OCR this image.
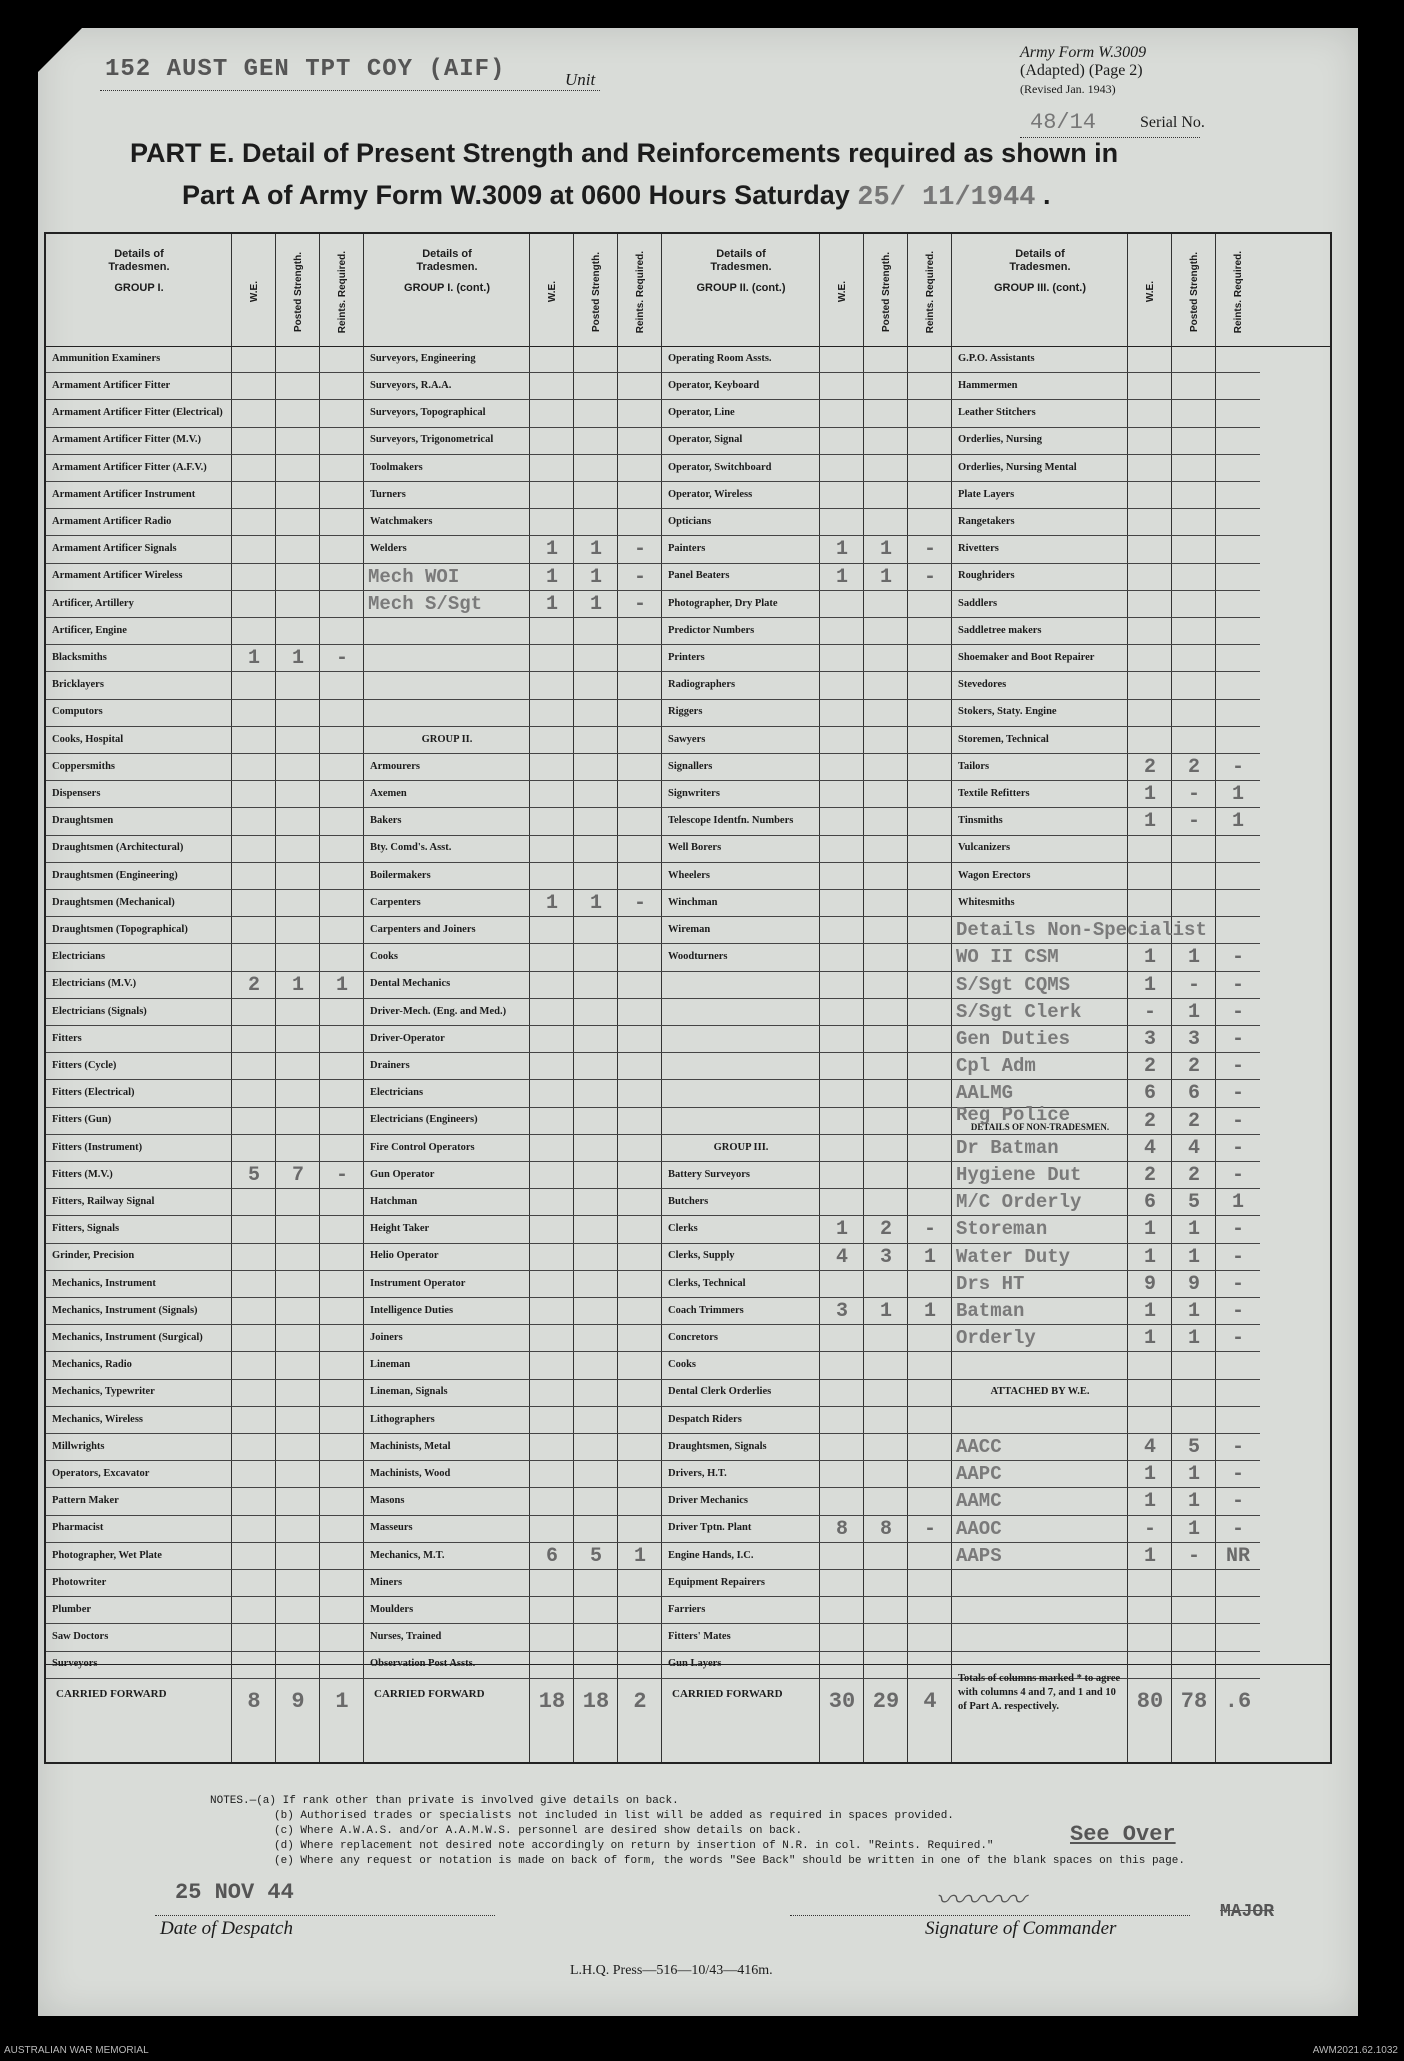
152 AUST GEN TPT COY (AIF)	Unit
Army Form W.3009
(Adapted) (Page 2)
(Revised Jan. 1943)
48/14	Serial No.
PART E. Detail of Present Strength and Reinforcements required as shown in
Part A of Army Form W.3009 at 0600 Hours Saturday 25/ 11/1944 .
Details of Tradesmen.
GROUP I.	W.E.	Posted Strength.	Reints. Required.
Ammunition Examiners
Armament Artificer Fitter
Armament Artificer Fitter (Electrical)
Armament Artificer Fitter (M.V.)
Armament Artificer Fitter (A.F.V.)
Armament Artificer Instrument
Armament Artificer Radio
Armament Artificer Signals
Armament Artificer Wireless
Artificer, Artillery
Artificer, Engine
Blacksmiths	1	1	-
Bricklayers
Computors
Cooks, Hospital
Coppersmiths
Dispensers
Draughtsmen
Draughtsmen (Architectural)
Draughtsmen (Engineering)
Draughtsmen (Mechanical)
Draughtsmen (Topographical)
Electricians
Electricians (M.V.)	2	1	1
Electricians (Signals)
Fitters
Fitters (Cycle)
Fitters (Electrical)
Fitters (Gun)
Fitters (Instrument)
Fitters (M.V.)	5	7	-
Fitters, Railway Signal
Fitters, Signals
Grinder, Precision
Mechanics, Instrument
Mechanics, Instrument (Signals)
Mechanics, Instrument (Surgical)
Mechanics, Radio
Mechanics, Typewriter
Mechanics, Wireless
Millwrights
Operators, Excavator
Pattern Maker
Pharmacist
Photographer, Wet Plate
Photowriter
Plumber
Saw Doctors
Surveyors
CARRIED FORWARD	8	9	1
Details of Tradesmen.
GROUP I. (cont.)	W.E.	Posted Strength.	Reints. Required.
Surveyors, Engineering
Surveyors, R.A.A.
Surveyors, Topographical
Surveyors, Trigonometrical
Toolmakers
Turners
Watchmakers
Welders	1	1	-
Mech WOI	1	1	-
Mech S/Sgt	1	1	-
GROUP II.
Armourers
Axemen
Bakers
Bty. Comd's. Asst.
Boilermakers
Carpenters	1	1	-
Carpenters and Joiners
Cooks
Dental Mechanics
Driver-Mech. (Eng. and Med.)
Driver-Operator
Drainers
Electricians
Electricians (Engineers)
Fire Control Operators
Gun Operator
Hatchman
Height Taker
Helio Operator
Instrument Operator
Intelligence Duties
Joiners
Lineman
Lineman, Signals
Lithographers
Machinists, Metal
Machinists, Wood
Masons
Masseurs
Mechanics, M.T.	6	5	1
Miners
Moulders
Nurses, Trained
Observation Post Assts.
CARRIED FORWARD	18 18	2
Details of Tradesmen.
GROUP II. (cont.)	W.E.	Posted Strength.	Reints. Required.
Operating Room Assts.
Operator, Keyboard
Operator, Line
Operator, Signal
Operator, Switchboard
Operator, Wireless
Opticians
Painters	1	1	-
Panel Beaters	1	1	-
Photographer, Dry Plate
Predictor Numbers
Printers
Radiographers
Riggers
Sawyers
Signallers
Signwriters
Telescope Identfn. Numbers
Well Borers
Wheelers
Winchman
Wireman
Woodturners
GROUP III.
Battery Surveyors
Butchers
Clerks	1	2	-
Clerks, Supply	4	3	1
Clerks, Technical
Coach Trimmers	3	1	1
Concretors
Cooks
Dental Clerk Orderlies
Despatch Riders
Draughtsmen, Signals
Drivers, H.T.
Driver Mechanics
Driver Tptn. Plant	8	8	-
Engine Hands, I.C.
Equipment Repairers
Farriers
Fitters' Mates
Gun Layers
CARRIED FORWARD	30 29	4
Details of Tradesmen.
GROUP III. (cont.)	W.E.	Posted Strength.	Reints. Required.
G.P.O. Assistants
Hammermen
Leather Stitchers
Orderlies, Nursing
Orderlies, Nursing Mental
Plate Layers
Rangetakers
Rivetters
Roughriders
Saddlers
Saddletree makers
Shoemaker and Boot Repairer
Stevedores
Stokers, Staty. Engine
Storemen, Technical
Tailors	2	2	-
Textile Refitters	1	-	1
Tinsmiths	1	-	1
Vulcanizers
Wagon Erectors
Whitesmiths
Details Non-Specialist
WO II CSM	1	1	-
S/Sgt CQMS	1	-	-
S/Sgt Clerk	-	1	-
Gen Duties	3	3	-
Cpl Adm	2	2	-
AALMG	6	6	-
DETAILS OF NON-TRADESMEN.
Reg Police	2	2	-
Dr Batman	4	4	-
Hygiene Dut	2	2	-
M/C Orderly	6	5	1
Storeman	1	1	-
Water Duty	1	1	-
Drs HT	9	9	-
Batman	1	1	-
Orderly	1	1	-
ATTACHED BY W.E.
AACC	4	5	-
AAPC	1	1	-
AAMC	1	1	-
AAOC	-	1	-
AAPS	1	-	NR
Totals of columns marked * to agree with columns 4 and 7, and 1 and 10 of Part A. respectively.	80 78 .6
NOTES.—(a) If rank other than private is involved give details on back.
(b) Authorised trades or specialists not included in list will be added as required in spaces provided.
(c) Where A.W.A.S. and/or A.A.M.W.S. personnel are desired show details on back.
(d) Where replacement not desired note accordingly on return by insertion of N.R. in col. "Reints. Required."
(e) Where any request or notation is made on back of form, the words "See Back" should be written in one of the blank spaces on this page.
See Over
25 NOV 44
Date of Despatch
〰〰〰
Signature of Commander
MAJOR
L.H.Q. Press—516—10/43—416m.
AUSTRALIAN WAR MEMORIAL	AWM2021.62.1032
